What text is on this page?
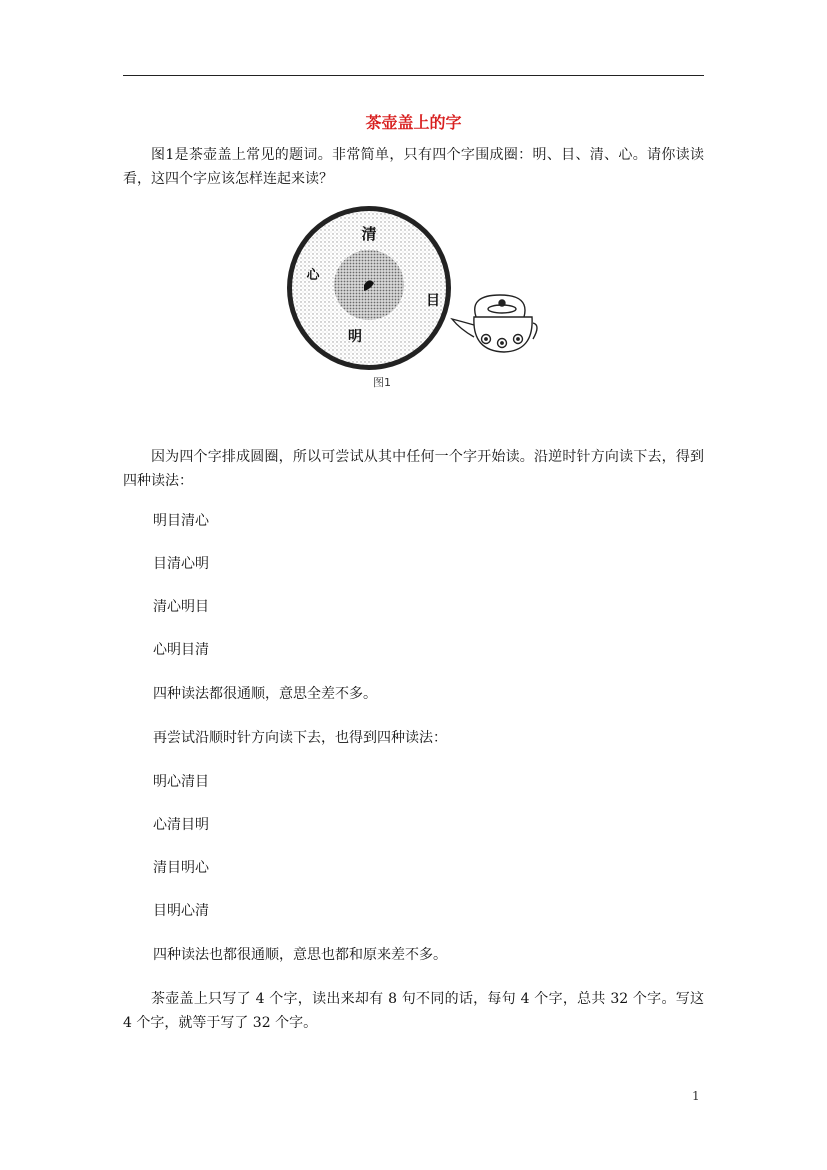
茶壶盖上的字

图1是茶壶盖上常见的题词。非常简单，只有四个字围成圈：明、目、清、心。请你读读看，这四个字应该怎样连起来读？

清
目
明
心
图1

因为四个字排成圆圈，所以可尝试从其中任何一个字开始读。沿逆时针方向读下去，得到四种读法：

明目清心
目清心明
清心明目
心明目清
四种读法都很通顺，意思全差不多。
再尝试沿顺时针方向读下去，也得到四种读法：
明心清目
心清目明
清目明心
目明心清
四种读法也都很通顺，意思也都和原来差不多。

茶壶盖上只写了 4 个字，读出来却有 8 句不同的话，每句 4 个字，总共 32 个字。写这 4 个字，就等于写了 32 个字。

1
